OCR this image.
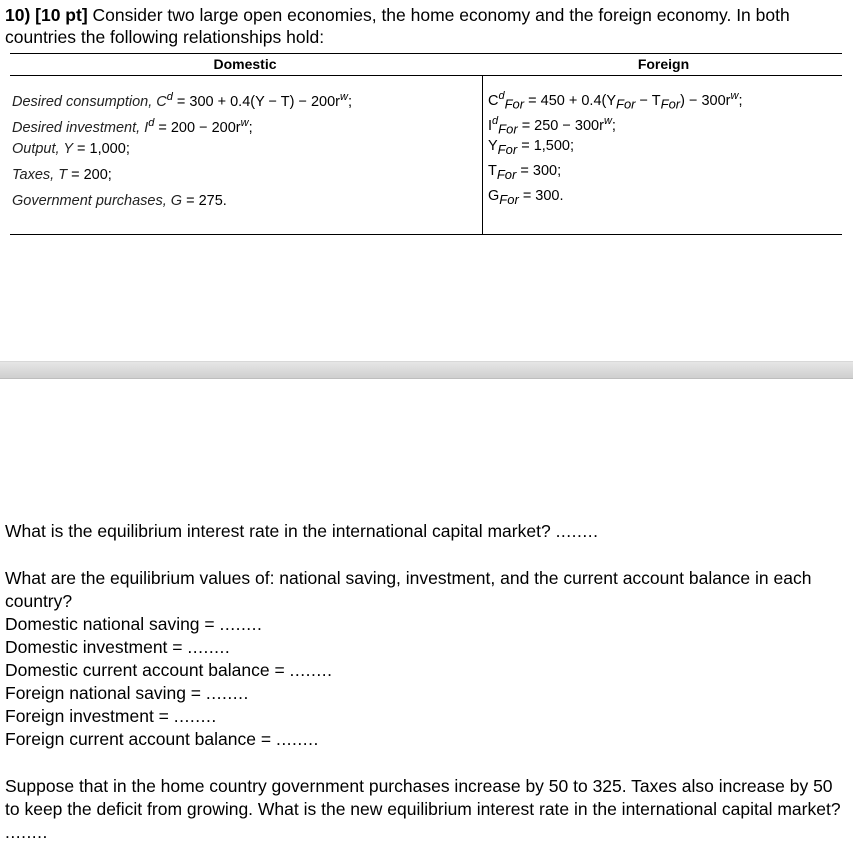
10) [10 pt] Consider two large open economies, the home economy and the foreign economy. In both countries the following relationships hold:
Domestic	Foreign
Desired consumption, $C^d = 300 + 0.4(Y - T) - 200r^w$;
Desired investment, $I^d = 200 - 200r^w$;
Output, Y = 1,000;
Taxes, T = 200;
Government purchases, G = 275.
$C^d_{For} = 450 + 0.4(Y_{For} - T_{For}) - 300r^w$;
$I^d_{For} = 250 - 300r^w$;
$Y_{For} = 1,500$;
$T_{For} = 300$;
$G_{For} = 300$.
What is the equilibrium interest rate in the international capital market? ........
What are the equilibrium values of: national saving, investment, and the current account balance in each country?
Domestic national saving = ........
Domestic investment = ........
Domestic current account balance = ........
Foreign national saving = ........
Foreign investment = ........
Foreign current account balance = ........
Suppose that in the home country government purchases increase by 50 to 325. Taxes also increase by 50 to keep the deficit from growing. What is the new equilibrium interest rate in the international capital market? ........
